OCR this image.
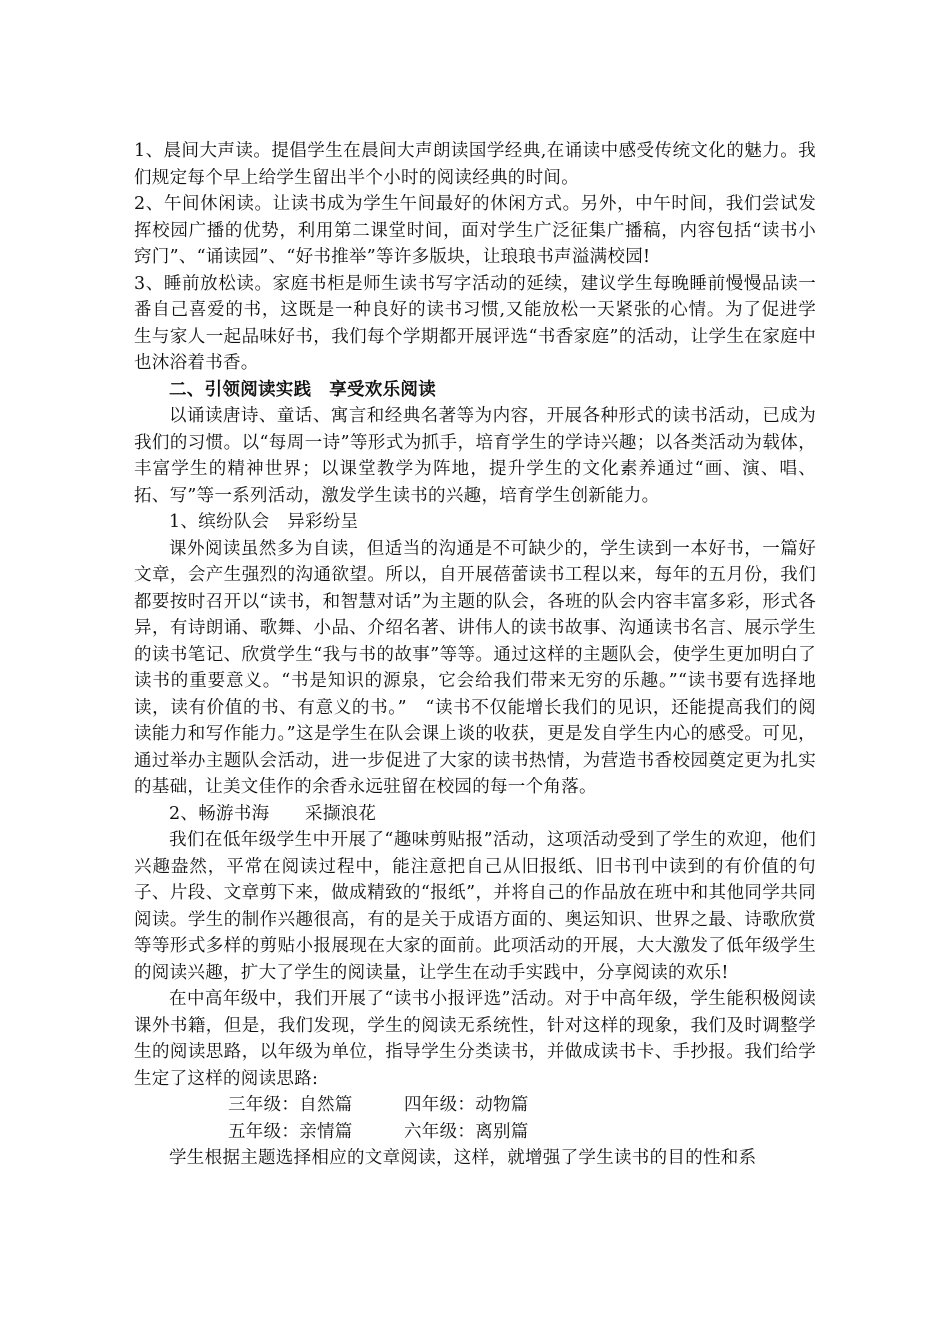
1、晨间大声读。提倡学生在晨间大声朗读国学经典,在诵读中感受传统文化的魅力。我们规定每个早上给学生留出半个小时的阅读经典的时间。

2、午间休闲读。让读书成为学生午间最好的休闲方式。另外，中午时间，我们尝试发挥校园广播的优势，利用第二课堂时间，面对学生广泛征集广播稿，内容包括“读书小窍门”、“诵读园”、“好书推举”等许多版块，让琅琅书声溢满校园!

3、睡前放松读。家庭书柜是师生读书写字活动的延续，建议学生每晚睡前慢慢品读一番自己喜爱的书，这既是一种良好的读书习惯,又能放松一天紧张的心情。为了促进学生与家人一起品味好书，我们每个学期都开展评选“书香家庭”的活动，让学生在家庭中也沐浴着书香。

二、引领阅读实践　享受欢乐阅读

以诵读唐诗、童话、寓言和经典名著等为内容，开展各种形式的读书活动，已成为我们的习惯。以“每周一诗”等形式为抓手，培育学生的学诗兴趣；以各类活动为载体，丰富学生的精神世界；以课堂教学为阵地，提升学生的文化素养通过“画、演、唱、拓、写”等一系列活动，激发学生读书的兴趣，培育学生创新能力。

1、缤纷队会　异彩纷呈

课外阅读虽然多为自读，但适当的沟通是不可缺少的，学生读到一本好书，一篇好文章，会产生强烈的沟通欲望。所以，自开展蓓蕾读书工程以来，每年的五月份，我们都要按时召开以“读书，和智慧对话”为主题的队会，各班的队会内容丰富多彩，形式各异，有诗朗诵、歌舞、小品、介绍名著、讲伟人的读书故事、沟通读书名言、展示学生的读书笔记、欣赏学生“我与书的故事”等等。通过这样的主题队会，使学生更加明白了读书的重要意义。“书是知识的源泉，它会给我们带来无穷的乐趣。”“读书要有选择地读，读有价值的书、有意义的书。”　“读书不仅能增长我们的见识，还能提高我们的阅读能力和写作能力。”这是学生在队会课上谈的收获，更是发自学生内心的感受。可见，通过举办主题队会活动，进一步促进了大家的读书热情，为营造书香校园奠定更为扎实的基础，让美文佳作的余香永远驻留在校园的每一个角落。

2、畅游书海　　采撷浪花

我们在低年级学生中开展了“趣味剪贴报”活动，这项活动受到了学生的欢迎，他们兴趣盎然，平常在阅读过程中，能注意把自己从旧报纸、旧书刊中读到的有价值的句子、片段、文章剪下来，做成精致的“报纸”，并将自己的作品放在班中和其他同学共同阅读。学生的制作兴趣很高，有的是关于成语方面的、奥运知识、世界之最、诗歌欣赏等等形式多样的剪贴小报展现在大家的面前。此项活动的开展，大大激发了低年级学生的阅读兴趣，扩大了学生的阅读量，让学生在动手实践中，分享阅读的欢乐!

在中高年级中，我们开展了“读书小报评选”活动。对于中高年级，学生能积极阅读课外书籍，但是，我们发现，学生的阅读无系统性，针对这样的现象，我们及时调整学生的阅读思路，以年级为单位，指导学生分类读书，并做成读书卡、手抄报。我们给学生定了这样的阅读思路:

三年级：自然篇	四年级：动物篇

五年级：亲情篇	六年级：离别篇

学生根据主题选择相应的文章阅读，这样，就增强了学生读书的目的性和系
